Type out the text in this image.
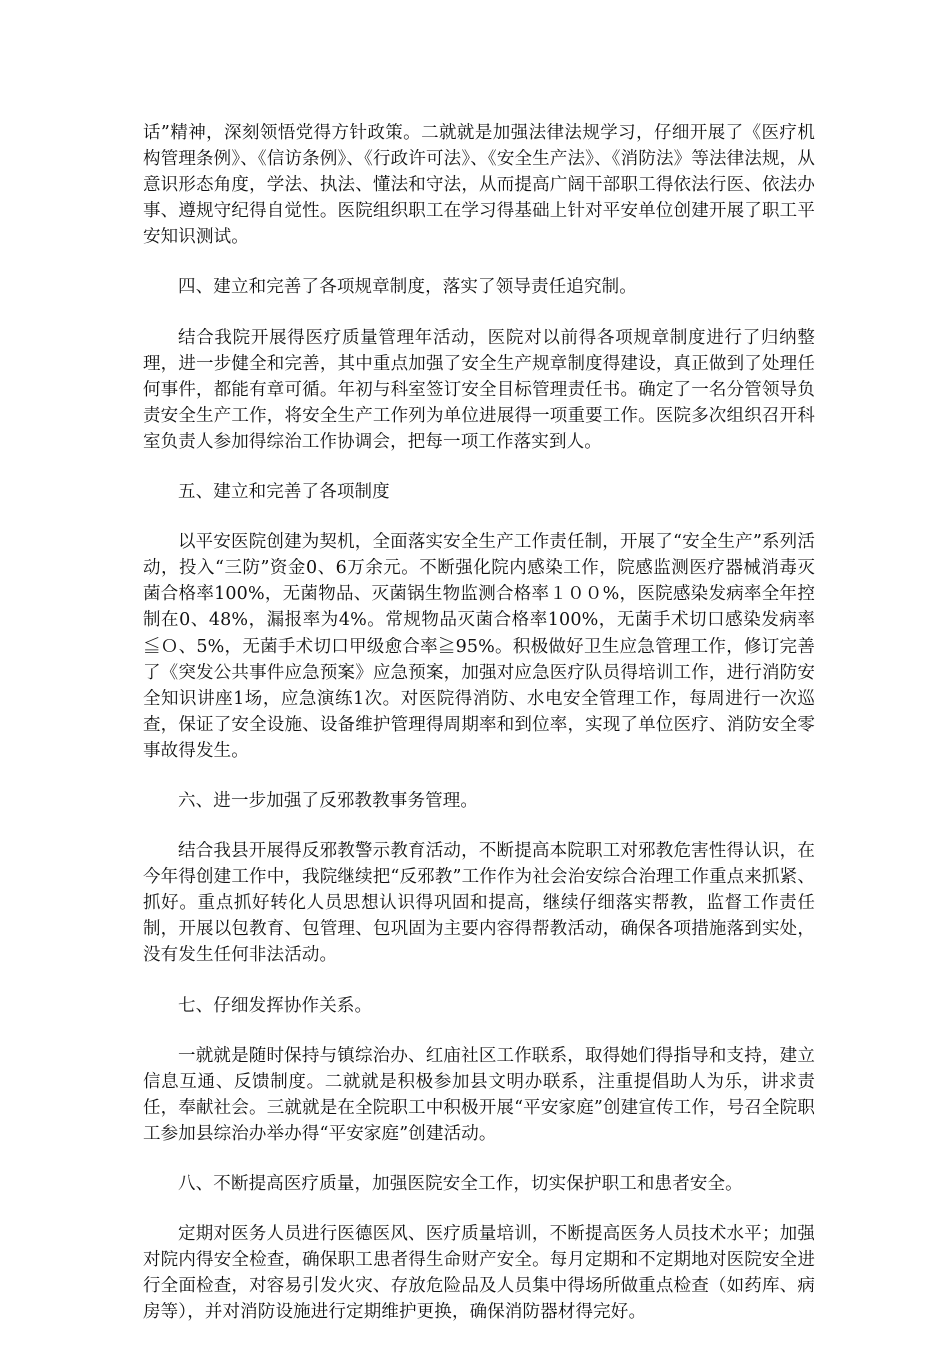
话”精神，深刻领悟党得方针政策。二就就是加强法律法规学习，仔细开展了《医疗机构管理条例》、《信访条例》、《行政许可法》、《安全生产法》、《消防法》等法律法规，从意识形态角度，学法、执法、懂法和守法，从而提高广阔干部职工得依法行医、依法办事、遵规守纪得自觉性。医院组织职工在学习得基础上针对平安单位创建开展了职工平安知识测试。

四、建立和完善了各项规章制度，落实了领导责任追究制。

结合我院开展得医疗质量管理年活动，医院对以前得各项规章制度进行了归纳整理，进一步健全和完善，其中重点加强了安全生产规章制度得建设，真正做到了处理任何事件，都能有章可循。年初与科室签订安全目标管理责任书。确定了一名分管领导负责安全生产工作，将安全生产工作列为单位进展得一项重要工作。医院多次组织召开科室负责人参加得综治工作协调会，把每一项工作落实到人。

五、建立和完善了各项制度

以平安医院创建为契机，全面落实安全生产工作责任制，开展了“安全生产”系列活动，投入“三防”资金0、6万余元。不断强化院内感染工作，院感监测医疗器械消毒灭菌合格率100%，无菌物品、灭菌锅生物监测合格率１００%，医院感染发病率全年控制在0、48%，漏报率为4%。常规物品灭菌合格率100%，无菌手术切口感染发病率≦Ｏ、5%，无菌手术切口甲级愈合率≧95%。积极做好卫生应急管理工作，修订完善了《突发公共事件应急预案》应急预案，加强对应急医疗队员得培训工作，进行消防安全知识讲座1场，应急演练1次。对医院得消防、水电安全管理工作，每周进行一次巡查，保证了安全设施、设备维护管理得周期率和到位率，实现了单位医疗、消防安全零事故得发生。

六、进一步加强了反邪教教事务管理。

结合我县开展得反邪教警示教育活动，不断提高本院职工对邪教危害性得认识，在今年得创建工作中，我院继续把“反邪教”工作作为社会治安综合治理工作重点来抓紧、抓好。重点抓好转化人员思想认识得巩固和提高，继续仔细落实帮教，监督工作责任制，开展以包教育、包管理、包巩固为主要内容得帮教活动，确保各项措施落到实处，没有发生任何非法活动。

七、仔细发挥协作关系。

一就就是随时保持与镇综治办、红庙社区工作联系，取得她们得指导和支持，建立信息互通、反馈制度。二就就是积极参加县文明办联系，注重提倡助人为乐，讲求责任，奉献社会。三就就是在全院职工中积极开展“平安家庭”创建宣传工作，号召全院职工参加县综治办举办得“平安家庭”创建活动。

八、不断提高医疗质量，加强医院安全工作，切实保护职工和患者安全。

定期对医务人员进行医德医风、医疗质量培训，不断提高医务人员技术水平；加强对院内得安全检查，确保职工患者得生命财产安全。每月定期和不定期地对医院安全进行全面检查，对容易引发火灾、存放危险品及人员集中得场所做重点检查（如药库、病房等），并对消防设施进行定期维护更换，确保消防器材得完好。
